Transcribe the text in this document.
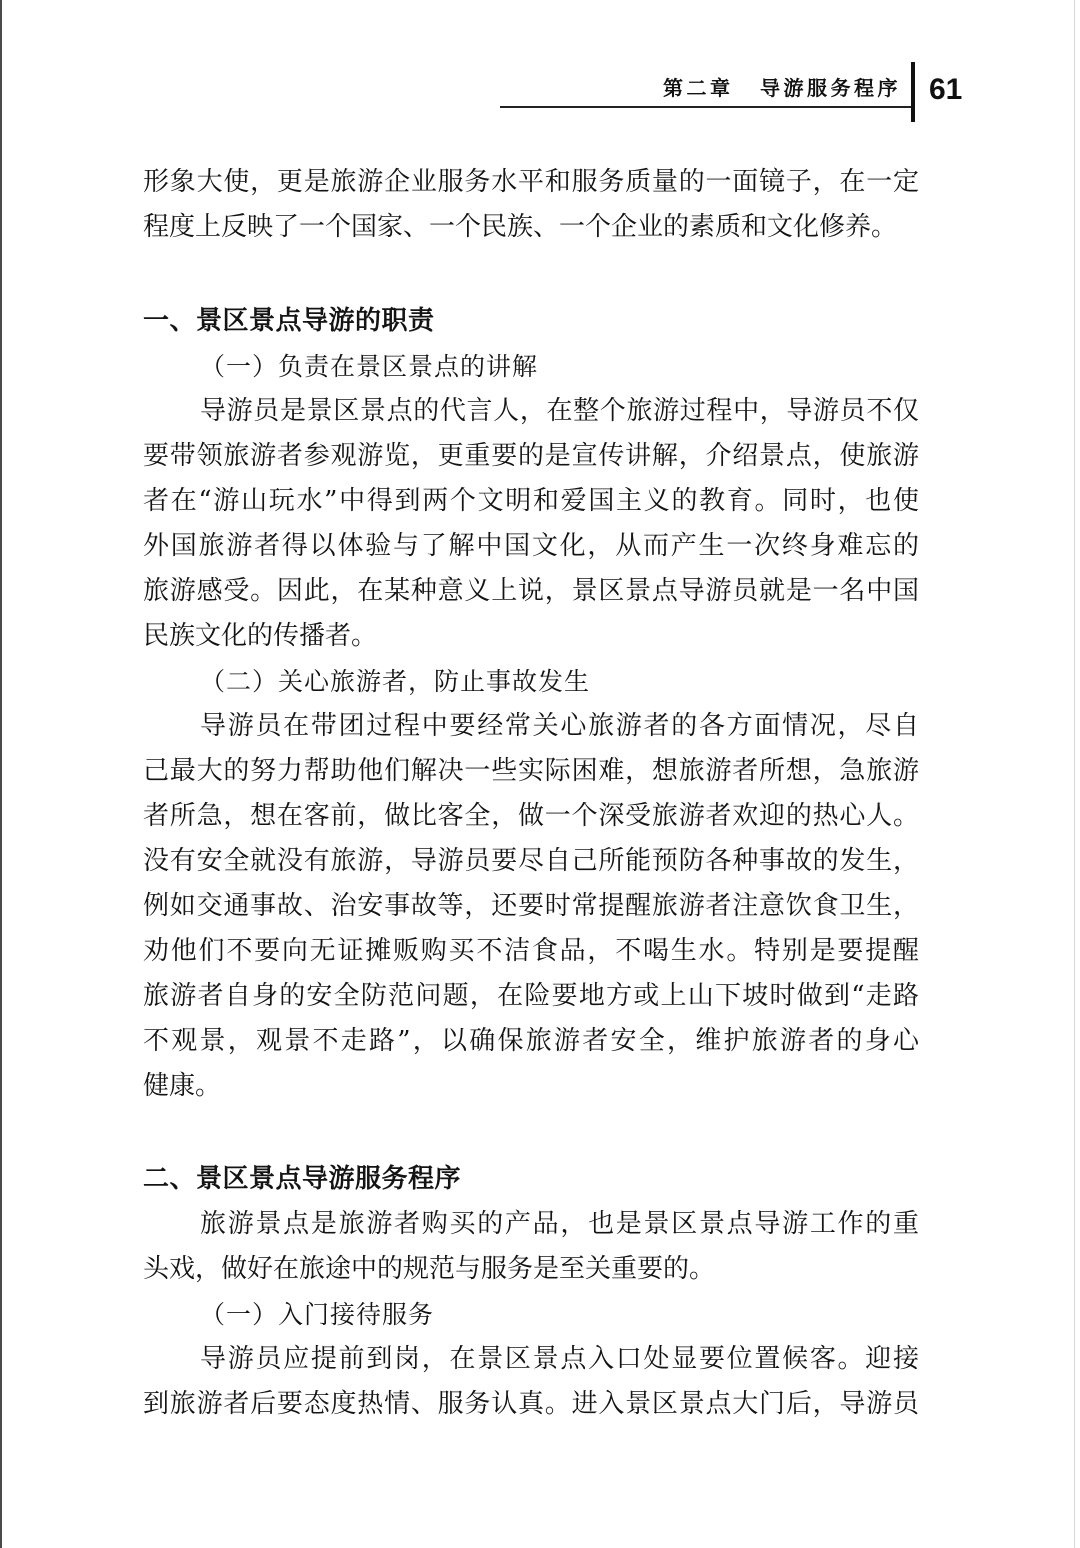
第二章 导游服务程序 61
形象大使，更是旅游企业服务水平和服务质量的一面镜子，在一定
程度上反映了一个国家、一个民族、一个企业的素质和文化修养。
一、景区景点导游的职责
（一）负责在景区景点的讲解
导游员是景区景点的代言人，在整个旅游过程中，导游员不仅
要带领旅游者参观游览，更重要的是宣传讲解，介绍景点，使旅游
者在“游山玩水”中得到两个文明和爱国主义的教育。同时，也使
外国旅游者得以体验与了解中国文化，从而产生一次终身难忘的
旅游感受。因此，在某种意义上说，景区景点导游员就是一名中国
民族文化的传播者。
（二）关心旅游者，防止事故发生
导游员在带团过程中要经常关心旅游者的各方面情况，尽自
己最大的努力帮助他们解决一些实际困难，想旅游者所想，急旅游
者所急，想在客前，做比客全，做一个深受旅游者欢迎的热心人。
没有安全就没有旅游，导游员要尽自己所能预防各种事故的发生，
例如交通事故、治安事故等，还要时常提醒旅游者注意饮食卫生，
劝他们不要向无证摊贩购买不洁食品，不喝生水。特别是要提醒
旅游者自身的安全防范问题，在险要地方或上山下坡时做到“走路
不观景，观景不走路”，以确保旅游者安全，维护旅游者的身心
健康。
二、景区景点导游服务程序
旅游景点是旅游者购买的产品，也是景区景点导游工作的重
头戏，做好在旅途中的规范与服务是至关重要的。
（一）入门接待服务
导游员应提前到岗，在景区景点入口处显要位置候客。迎接
到旅游者后要态度热情、服务认真。进入景区景点大门后，导游员
